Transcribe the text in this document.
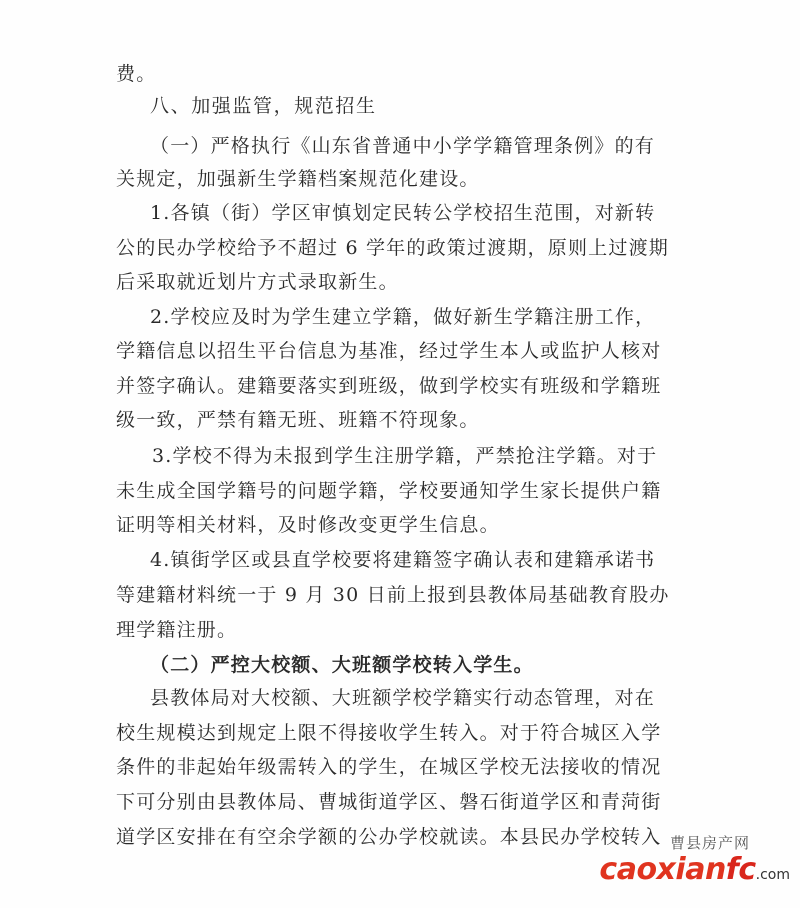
费。
八、加强监管，规范招生
（一）严格执行《山东省普通中小学学籍管理条例》的有
关规定，加强新生学籍档案规范化建设。
1.各镇（街）学区审慎划定民转公学校招生范围，对新转
公的民办学校给予不超过 6 学年的政策过渡期，原则上过渡期
后采取就近划片方式录取新生。
2.学校应及时为学生建立学籍，做好新生学籍注册工作，
学籍信息以招生平台信息为基准，经过学生本人或监护人核对
并签字确认。建籍要落实到班级，做到学校实有班级和学籍班
级一致，严禁有籍无班、班籍不符现象。
3.学校不得为未报到学生注册学籍，严禁抢注学籍。对于
未生成全国学籍号的问题学籍，学校要通知学生家长提供户籍
证明等相关材料，及时修改变更学生信息。
4.镇街学区或县直学校要将建籍签字确认表和建籍承诺书
等建籍材料统一于 9 月 30 日前上报到县教体局基础教育股办
理学籍注册。
（二）严控大校额、大班额学校转入学生。
县教体局对大校额、大班额学校学籍实行动态管理，对在
校生规模达到规定上限不得接收学生转入。对于符合城区入学
条件的非起始年级需转入的学生，在城区学校无法接收的情况
下可分别由县教体局、曹城街道学区、磐石街道学区和青菏街
道学区安排在有空余学额的公办学校就读。本县民办学校转入 曹县房产网
caoxianfc.com
